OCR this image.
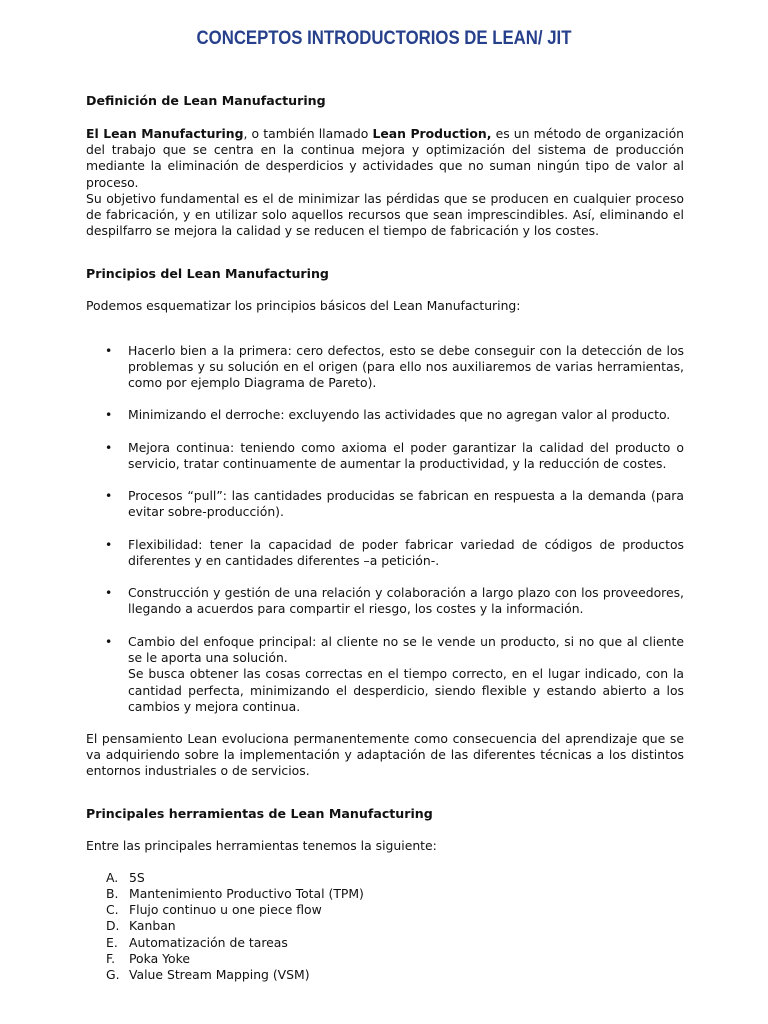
CONCEPTOS INTRODUCTORIOS DE LEAN/ JIT
Definición de Lean Manufacturing
El Lean Manufacturing, o también llamado Lean Production, es un método de organización del trabajo que se centra en la continua mejora y optimización del sistema de producción mediante la eliminación de desperdicios y actividades que no suman ningún tipo de valor al proceso.
Su objetivo fundamental es el de minimizar las pérdidas que se producen en cualquier proceso de fabricación, y en utilizar solo aquellos recursos que sean imprescindibles. Así, eliminando el despilfarro se mejora la calidad y se reducen el tiempo de fabricación y los costes.
Principios del Lean Manufacturing
Podemos esquematizar los principios básicos del Lean Manufacturing:
• Hacerlo bien a la primera: cero defectos, esto se debe conseguir con la detección de los problemas y su solución en el origen (para ello nos auxiliaremos de varias herramientas, como por ejemplo Diagrama de Pareto).
• Minimizando el derroche: excluyendo las actividades que no agregan valor al producto.
• Mejora continua: teniendo como axioma el poder garantizar la calidad del producto o servicio, tratar continuamente de aumentar la productividad, y la reducción de costes.
• Procesos “pull”: las cantidades producidas se fabrican en respuesta a la demanda (para evitar sobre-producción).
• Flexibilidad: tener la capacidad de poder fabricar variedad de códigos de productos diferentes y en cantidades diferentes –a petición-.
• Construcción y gestión de una relación y colaboración a largo plazo con los proveedores, llegando a acuerdos para compartir el riesgo, los costes y la información.
• Cambio del enfoque principal: al cliente no se le vende un producto, si no que al cliente se le aporta una solución.
Se busca obtener las cosas correctas en el tiempo correcto, en el lugar indicado, con la cantidad perfecta, minimizando el desperdicio, siendo flexible y estando abierto a los cambios y mejora continua.
El pensamiento Lean evoluciona permanentemente como consecuencia del aprendizaje que se va adquiriendo sobre la implementación y adaptación de las diferentes técnicas a los distintos entornos industriales o de servicios.
Principales herramientas de Lean Manufacturing
Entre las principales herramientas tenemos la siguiente:
A. 5S
B. Mantenimiento Productivo Total (TPM)
C. Flujo continuo u one piece flow
D. Kanban
E. Automatización de tareas
F. Poka Yoke
G. Value Stream Mapping (VSM)
